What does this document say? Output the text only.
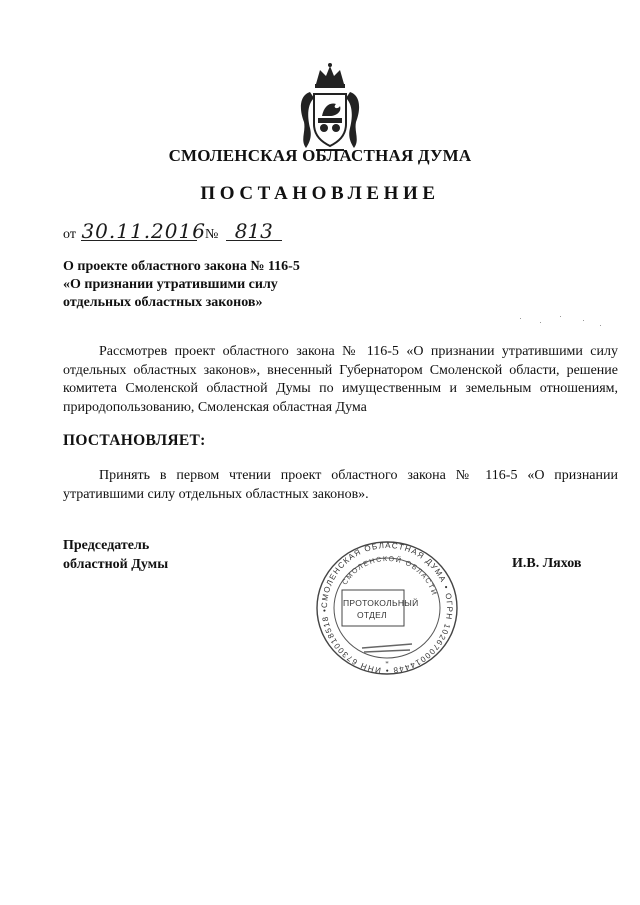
СМОЛЕНСКАЯ ОБЛАСТНАЯ ДУМА
ПОСТАНОВЛЕНИЕ
от 30.11.2016 № 813
О проекте областного закона № 116-5
«О признании утратившими силу
отдельных областных законов»
Рассмотрев проект областного закона № 116-5 «О признании утратившими силу отдельных областных законов», внесенный Губернатором Смоленской области, решение комитета Смоленской областной Думы по имущественным и земельным отношениям, природопользованию, Смоленская областная Дума
ПОСТАНОВЛЯЕТ:
Принять в первом чтении проект областного закона № 116-5 «О признании утратившими силу отдельных областных законов».
Председатель
областной Думы	И.В. Ляхов
СМОЛЕНСКАЯ ОБЛАСТНАЯ ДУМА • ОГРН 1026700014448 • ИНН 6730018518 •
СМОЛЕНСКОЙ ОБЛАСТИ
*
ПРОТОКОЛЬНЫЙ
ОТДЕЛ
